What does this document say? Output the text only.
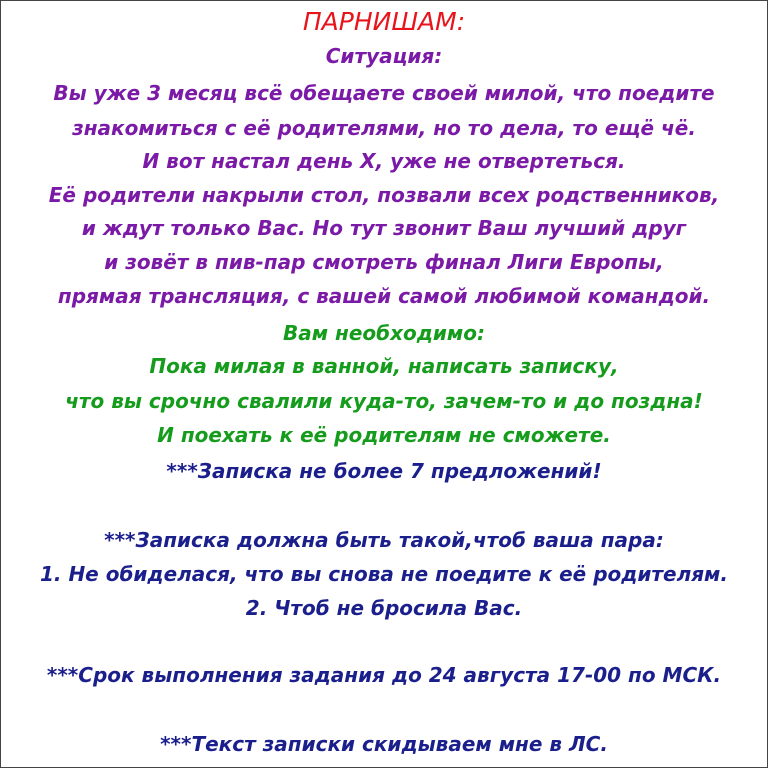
ПАРНИШАМ:
Ситуация:
Вы уже 3 месяц всё обещаете своей милой, что поедите
знакомиться с её родителями, но то дела, то ещё чё.
И вот настал день Х, уже не отвертеться.
Её родители накрыли стол, позвали всех родственников,
и ждут только Вас. Но тут звонит Ваш лучший друг
и зовёт в пив-пар смотреть финал Лиги Европы,
прямая трансляция, с вашей самой любимой командой.
Вам необходимо:
Пока милая в ванной, написать записку,
что вы срочно свалили куда-то, зачем-то и до поздна!
И поехать к её родителям не сможете.
***Записка не более 7 предложений!
***Записка должна быть такой,чтоб ваша пара:
1. Не обиделася, что вы снова не поедите к её родителям.
2. Чтоб не бросила Вас.
***Срок выполнения задания до 24 августа 17-00 по МСК.
***Текст записки скидываем мне в ЛС.
